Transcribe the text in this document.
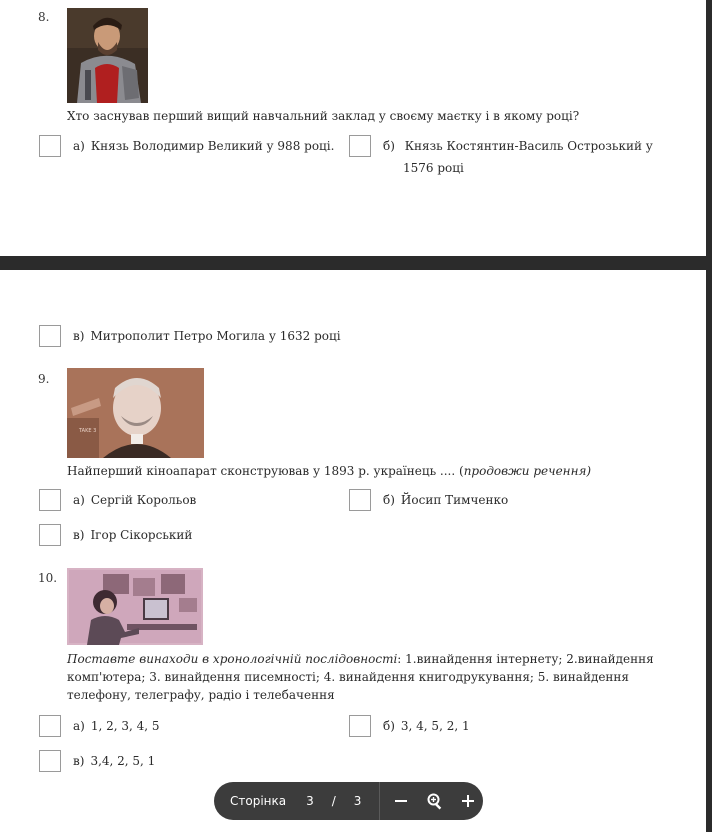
8.
Хто заснував перший вищий навчальний заклад у своєму маєтку і в якому році?
а) Князь Володимир Великий у 988 році.	б) Князь Костянтин-Василь Острозький у
1576 році
в) Митрополит Петро Могила у 1632 році
9.
TAKE 3
Найперший кіноапарат сконструював у 1893 р. українець .... (продовжи речення)
а) Сергій Корольов	б) Йосип Тимченко
в) Ігор Сікорський
10.
Поставте винаходи в хронологічній послідовності: 1.винайдення інтернету; 2.винайдення
комп'ютера; 3. винайдення писемності; 4. винайдення книгодрукування; 5. винайдення
телефону, телеграфу, радіо і телебачення
а) 1, 2, 3, 4, 5	б) 3, 4, 5, 2, 1
в) 3,4, 2, 5, 1
Сторінка 3 / 3
